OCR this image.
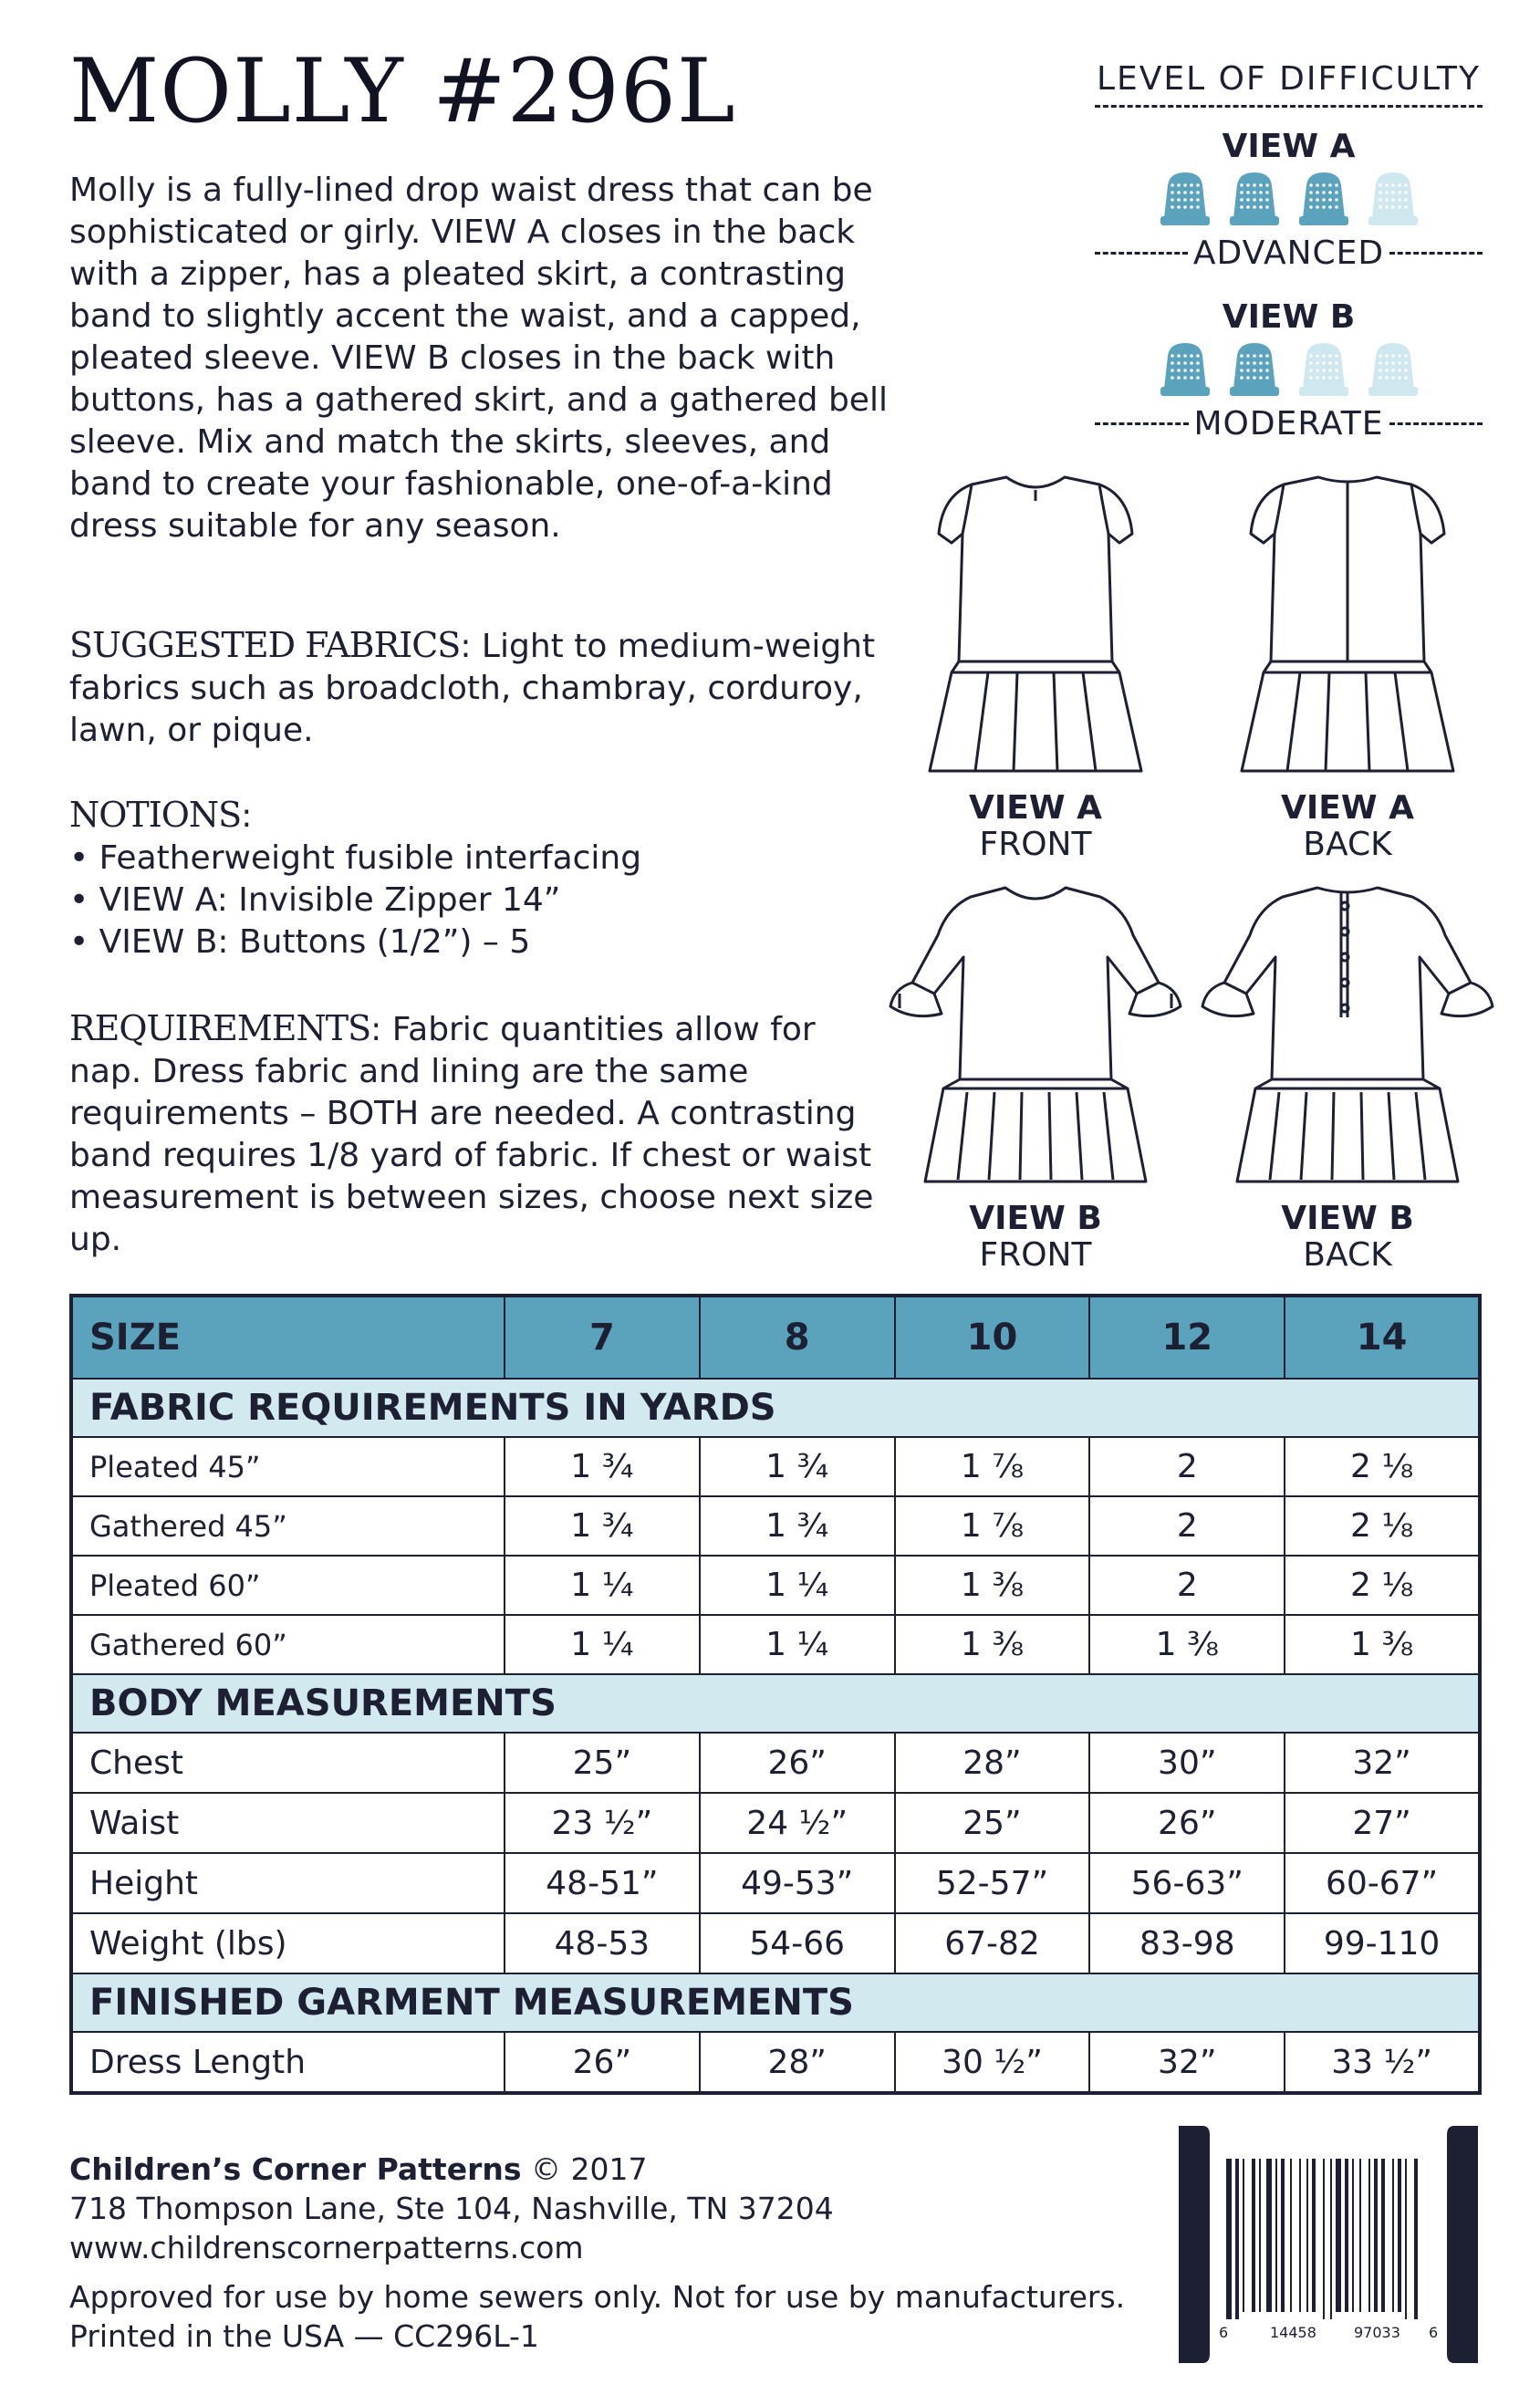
MOLLY #296L

Molly is a fully-lined drop waist dress that can be sophisticated or girly. VIEW A closes in the back with a zipper, has a pleated skirt, a contrasting band to slightly accent the waist, and a capped, pleated sleeve. VIEW B closes in the back with buttons, has a gathered skirt, and a gathered bell sleeve. Mix and match the skirts, sleeves, and band to create your fashionable, one-of-a-kind dress suitable for any season.

SUGGESTED FABRICS: Light to medium-weight fabrics such as broadcloth, chambray, corduroy, lawn, or pique.

NOTIONS:
• Featherweight fusible interfacing
• VIEW A: Invisible Zipper 14”
• VIEW B: Buttons (1/2”) – 5

REQUIREMENTS: Fabric quantities allow for nap. Dress fabric and lining are the same requirements – BOTH are needed. A contrasting band requires 1/8 yard of fabric. If chest or waist measurement is between sizes, choose next size up.

LEVEL OF DIFFICULTY
VIEW A
ADVANCED
VIEW B
MODERATE
VIEW A
FRONT
VIEW A
BACK
VIEW B
FRONT
VIEW B
BACK
SIZE	7	8	10	12	14
FABRIC REQUIREMENTS IN YARDS					
Pleated 45”	1 ¾	1 ¾	1 ⅞	2	2 ⅛
Gathered 45”	1 ¾	1 ¾	1 ⅞	2	2 ⅛
Pleated 60”	1 ¼	1 ¼	1 ⅜	2	2 ⅛
Gathered 60”	1 ¼	1 ¼	1 ⅜	1 ⅜	1 ⅜
BODY MEASUREMENTS					
Chest	25”	26”	28”	30”	32”
Waist	23 ½”	24 ½”	25”	26”	27”
Height	48-51”	49-53”	52-57”	56-63”	60-67”
Weight (lbs)	48-53	54-66	67-82	83-98	99-110
FINISHED GARMENT MEASUREMENTS					
Dress Length	26”	28”	30 ½”	32”	33 ½”

Children’s Corner Patterns © 2017
718 Thompson Lane, Ste 104, Nashville, TN 37204
www.childrenscornerpatterns.com

Approved for use by home sewers only. Not for use by manufacturers.
Printed in the USA — CC296L-1	6	14458	97033 6
